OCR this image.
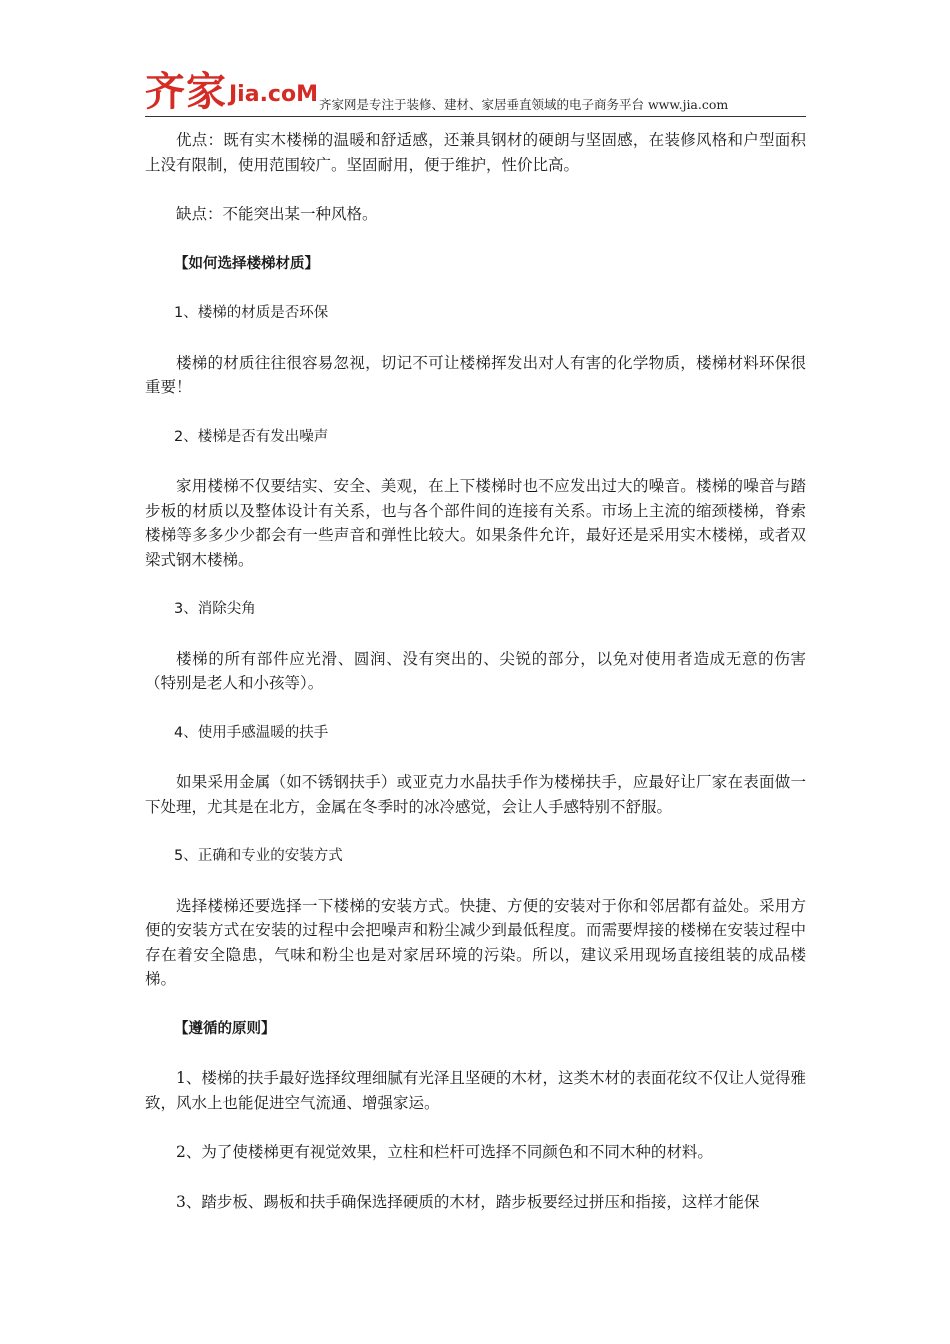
齐家 Jia.coM 齐家网是专注于装修、建材、家居垂直领域的电子商务平台 www.jia.com

优点：既有实木楼梯的温暖和舒适感，还兼具钢材的硬朗与坚固感，在装修风格和户型面积上没有限制，使用范围较广。坚固耐用，便于维护，性价比高。

缺点：不能突出某一种风格。

【如何选择楼梯材质】

1、楼梯的材质是否环保

楼梯的材质往往很容易忽视，切记不可让楼梯挥发出对人有害的化学物质，楼梯材料环保很重要！

2、楼梯是否有发出噪声

家用楼梯不仅要结实、安全、美观，在上下楼梯时也不应发出过大的噪音。楼梯的噪音与踏步板的材质以及整体设计有关系，也与各个部件间的连接有关系。市场上主流的缩颈楼梯，脊索楼梯等多多少少都会有一些声音和弹性比较大。如果条件允许，最好还是采用实木楼梯，或者双梁式钢木楼梯。

3、消除尖角

楼梯的所有部件应光滑、圆润、没有突出的、尖锐的部分，以免对使用者造成无意的伤害（特别是老人和小孩等）。

4、使用手感温暖的扶手

如果采用金属（如不锈钢扶手）或亚克力水晶扶手作为楼梯扶手，应最好让厂家在表面做一下处理，尤其是在北方，金属在冬季时的冰冷感觉，会让人手感特别不舒服。

5、正确和专业的安装方式

选择楼梯还要选择一下楼梯的安装方式。快捷、方便的安装对于你和邻居都有益处。采用方便的安装方式在安装的过程中会把噪声和粉尘减少到最低程度。而需要焊接的楼梯在安装过程中存在着安全隐患，气味和粉尘也是对家居环境的污染。所以，建议采用现场直接组装的成品楼梯。

【遵循的原则】

1、楼梯的扶手最好选择纹理细腻有光泽且坚硬的木材，这类木材的表面花纹不仅让人觉得雅致，风水上也能促进空气流通、增强家运。

2、为了使楼梯更有视觉效果，立柱和栏杆可选择不同颜色和不同木种的材料。

3、踏步板、踢板和扶手确保选择硬质的木材，踏步板要经过拼压和指接，这样才能保
